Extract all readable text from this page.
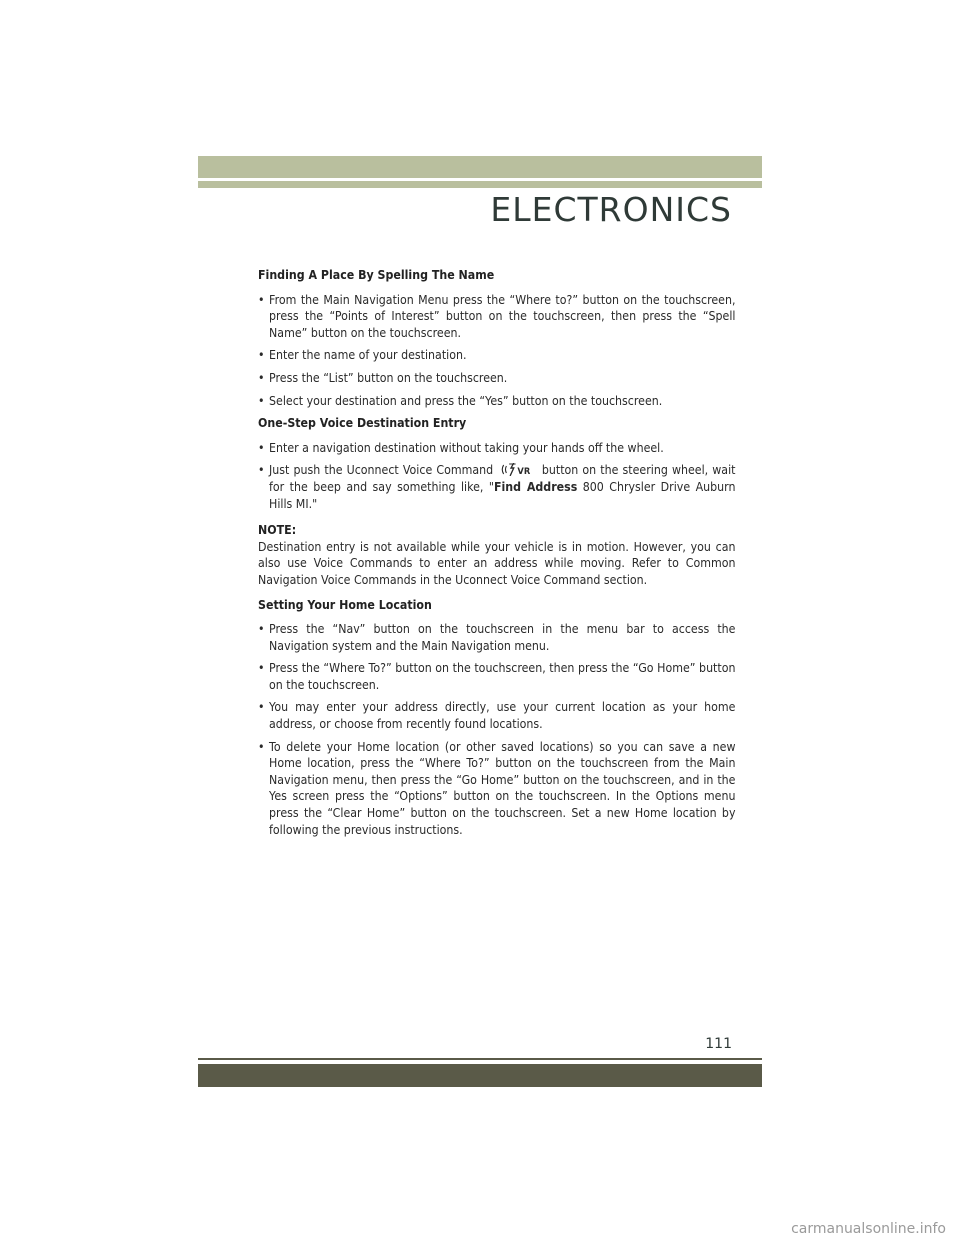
ELECTRONICS

Finding A Place By Spelling The Name

• From the Main Navigation Menu press the “Where to?” button on the touchscreen, press the “Points of Interest” button on the touchscreen, then press the “Spell Name” button on the touchscreen.

• Enter the name of your destination.

• Press the “List” button on the touchscreen.

• Select your destination and press the “Yes” button on the touchscreen.

One-Step Voice Destination Entry

• Enter a navigation destination without taking your hands off the wheel.

• Just push the Uconnect Voice Command	VR button on the steering wheel, wait for the beep and say something like, "Find Address 800 Chrysler Drive Auburn Hills MI."

NOTE:

Destination entry is not available while your vehicle is in motion. However, you can also use Voice Commands to enter an address while moving. Refer to Common Navigation Voice Commands in the Uconnect Voice Command section.

Setting Your Home Location

• Press the “Nav” button on the touchscreen in the menu bar to access the Navigation system and the Main Navigation menu.

• Press the “Where To?” button on the touchscreen, then press the “Go Home” button on the touchscreen.

• You may enter your address directly, use your current location as your home address, or choose from recently found locations.

• To delete your Home location (or other saved locations) so you can save a new Home location, press the “Where To?” button on the touchscreen from the Main Navigation menu, then press the “Go Home” button on the touchscreen, and in the Yes screen press the “Options” button on the touchscreen. In the Options menu press the “Clear Home” button on the touchscreen. Set a new Home location by following the previous instructions.

111
carmanualsonline.info
